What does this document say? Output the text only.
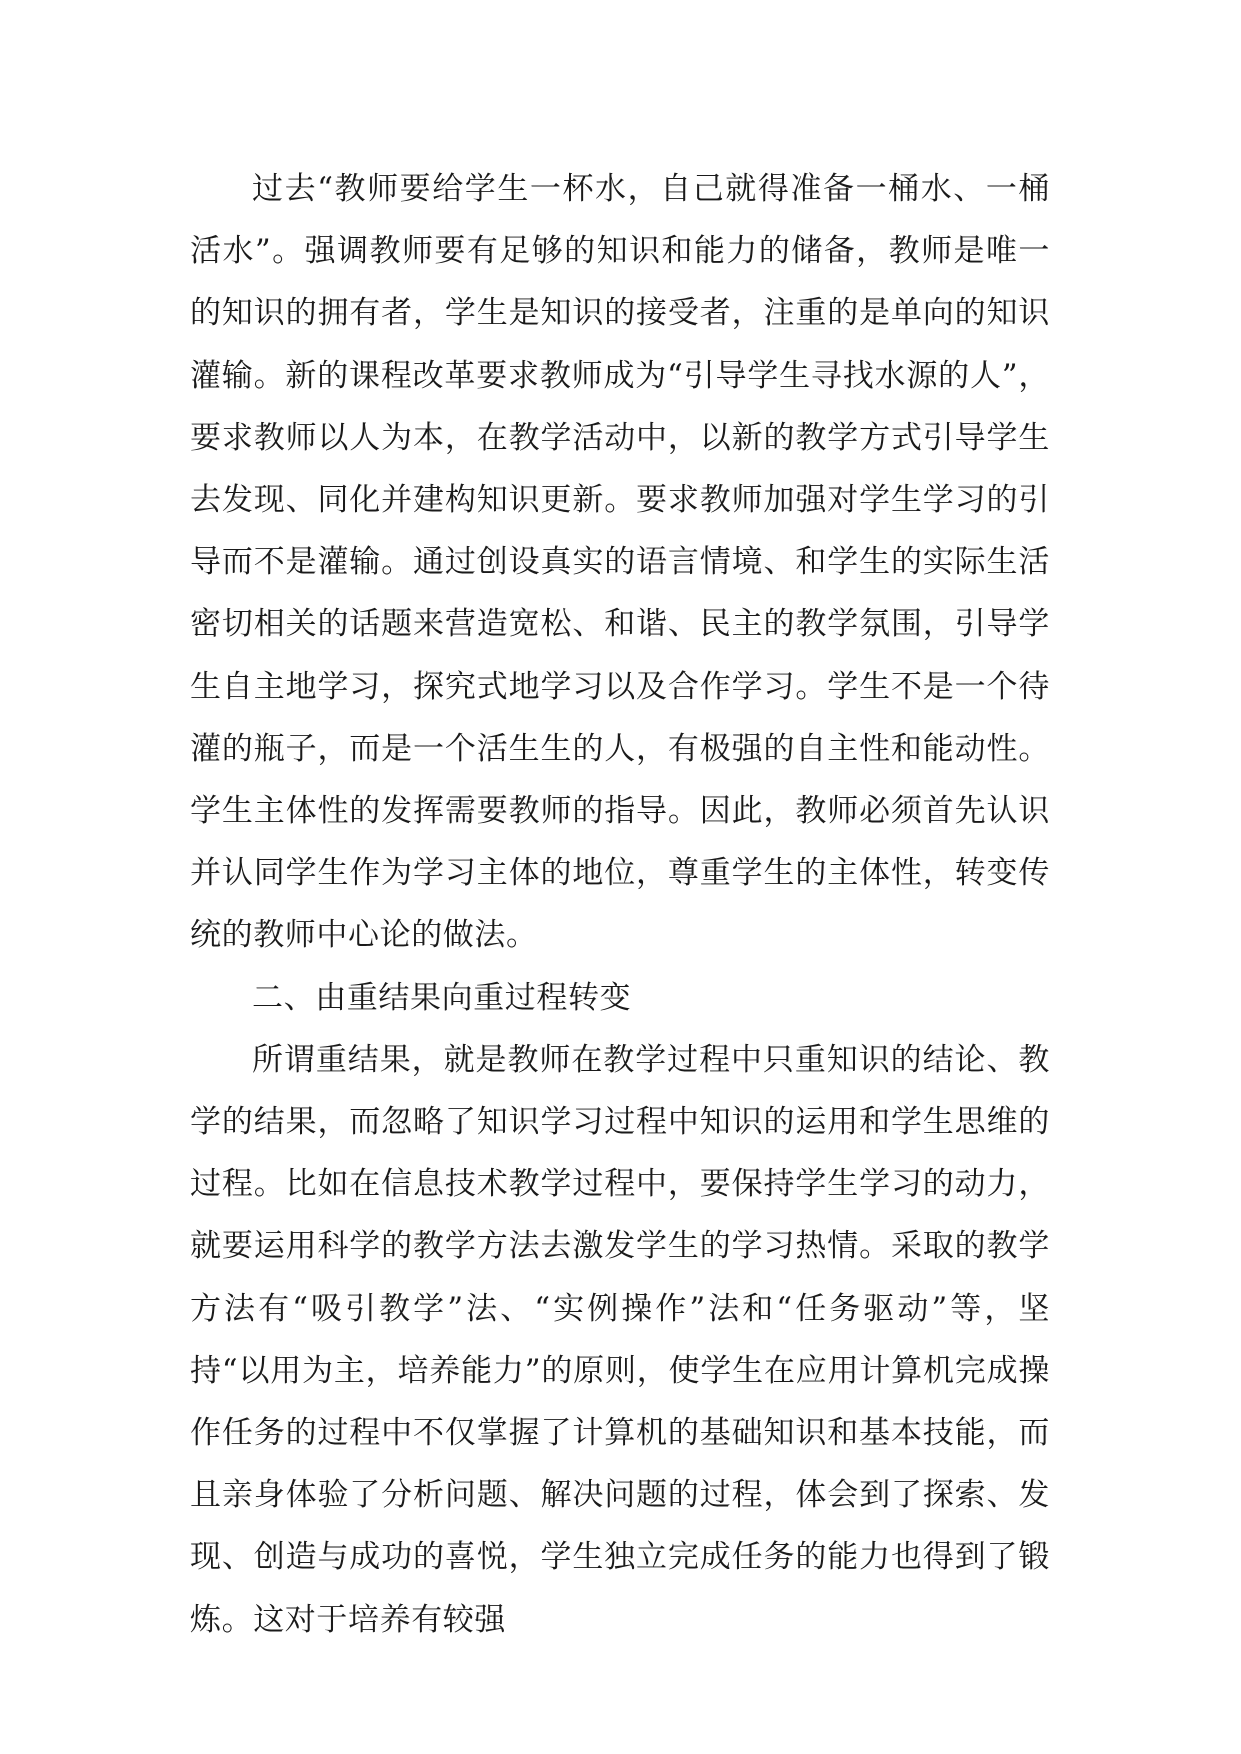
过去“教师要给学生一杯水，自己就得准备一桶水、一桶活水”。强调教师要有足够的知识和能力的储备，教师是唯一的知识的拥有者，学生是知识的接受者，注重的是单向的知识灌输。新的课程改革要求教师成为“引导学生寻找水源的人”，要求教师以人为本，在教学活动中，以新的教学方式引导学生去发现、同化并建构知识更新。要求教师加强对学生学习的引导而不是灌输。通过创设真实的语言情境、和学生的实际生活密切相关的话题来营造宽松、和谐、民主的教学氛围，引导学生自主地学习，探究式地学习以及合作学习。学生不是一个待灌的瓶子，而是一个活生生的人，有极强的自主性和能动性。学生主体性的发挥需要教师的指导。因此，教师必须首先认识并认同学生作为学习主体的地位，尊重学生的主体性，转变传统的教师中心论的做法。

二、由重结果向重过程转变

所谓重结果，就是教师在教学过程中只重知识的结论、教学的结果，而忽略了知识学习过程中知识的运用和学生思维的过程。比如在信息技术教学过程中，要保持学生学习的动力，就要运用科学的教学方法去激发学生的学习热情。采取的教学方法有“吸引教学”法、“实例操作”法和“任务驱动”等，坚持“以用为主，培养能力”的原则，使学生在应用计算机完成操作任务的过程中不仅掌握了计算机的基础知识和基本技能，而且亲身体验了分析问题、解决问题的过程，体会到了探索、发现、创造与成功的喜悦，学生独立完成任务的能力也得到了锻炼。这对于培养有较强
